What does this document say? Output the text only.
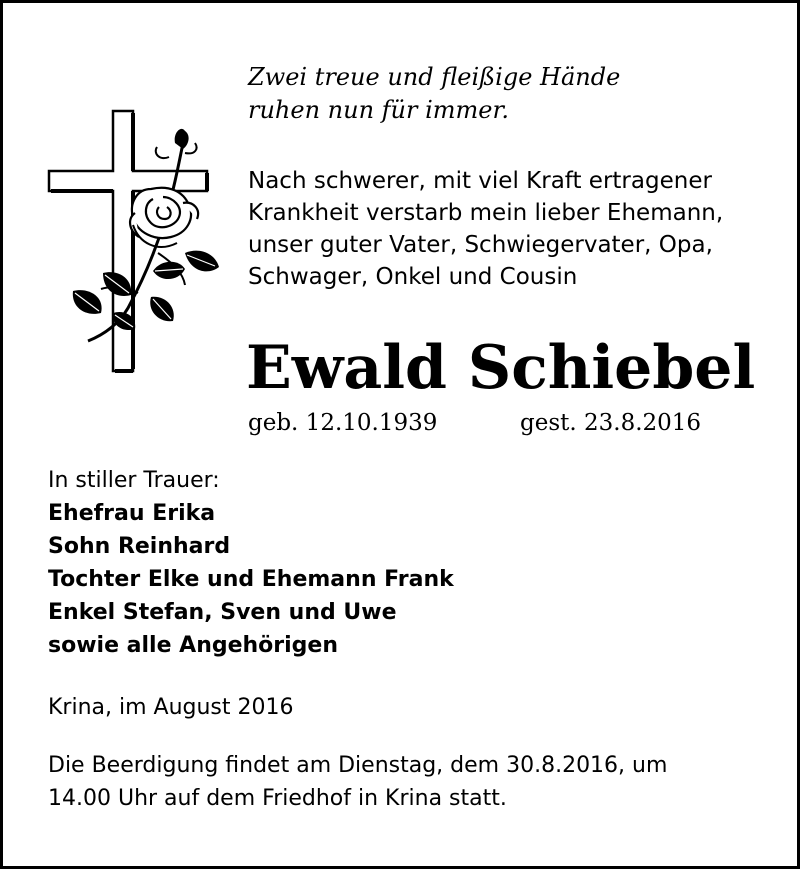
Zwei treue und fleißige Hände
ruhen nun für immer.

Nach schwerer, mit viel Kraft ertragener
Krankheit verstarb mein lieber Ehemann,
unser guter Vater, Schwiegervater, Opa,
Schwager, Onkel und Cousin

Ewald Schiebel

geb. 12.10.1939	gest. 23.8.2016

In stiller Trauer:

Ehefrau Erika
Sohn Reinhard
Tochter Elke und Ehemann Frank
Enkel Stefan, Sven und Uwe
sowie alle Angehörigen

Krina, im August 2016

Die Beerdigung findet am Dienstag, dem 30.8.2016, um
14.00 Uhr auf dem Friedhof in Krina statt.
